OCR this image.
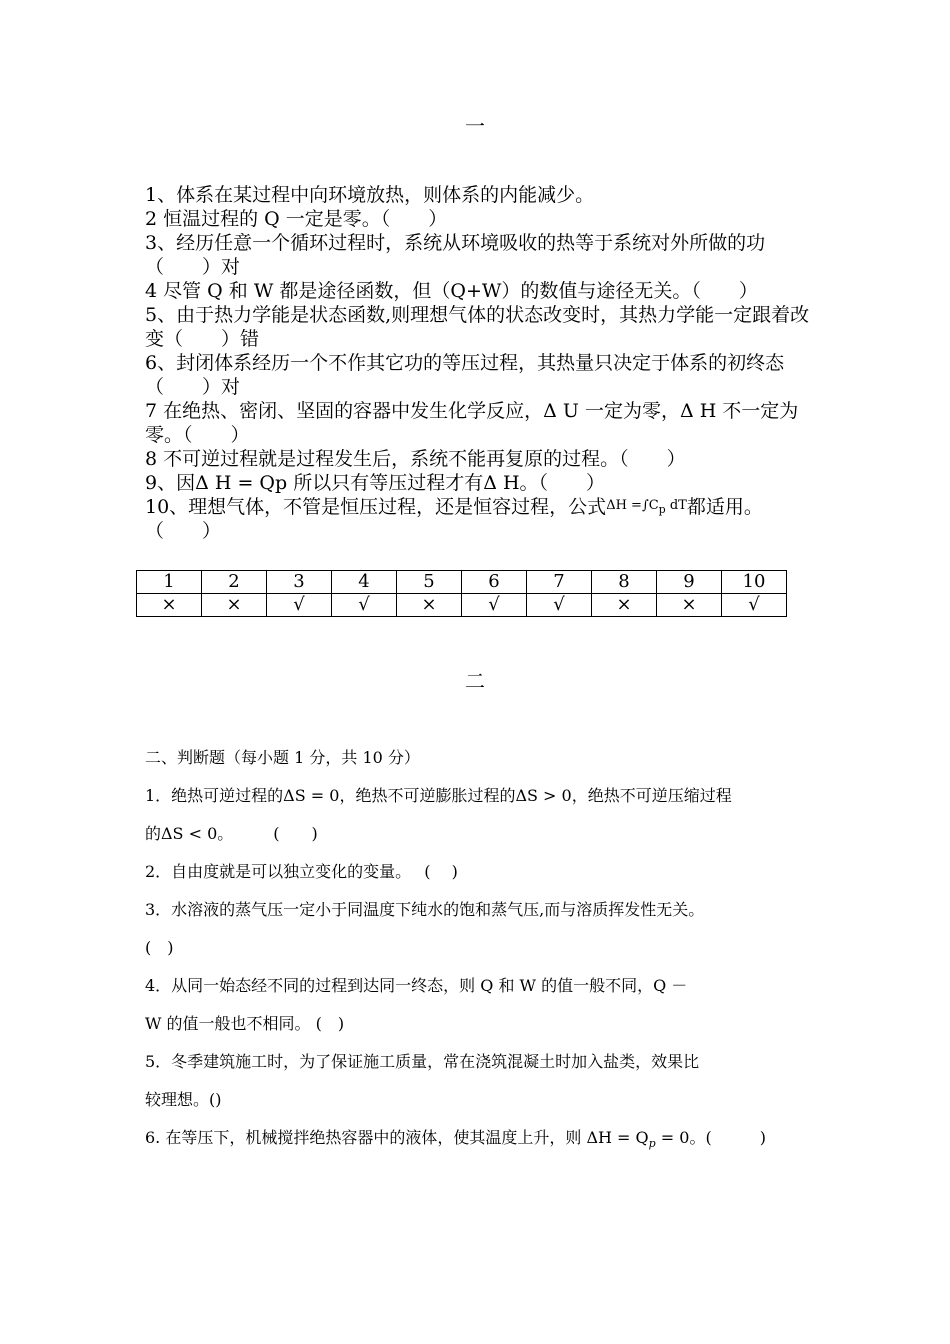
一

1、体系在某过程中向环境放热，则体系的内能减少。

2 恒温过程的 Q 一定是零。（　　）

3、经历任意一个循环过程时，系统从环境吸收的热等于系统对外所做的功（　　）对

4 尽管 Q 和 W 都是途径函数，但（Q+W）的数值与途径无关。（　　）

5、由于热力学能是状态函数,则理想气体的状态改变时，其热力学能一定跟着改变（　　）错

6、封闭体系经历一个不作其它功的等压过程，其热量只决定于体系的初终态（　　）对

7 在绝热、密闭、坚固的容器中发生化学反应，Δ U 一定为零，Δ H 不一定为零。（　　）

8 不可逆过程就是过程发生后，系统不能再复原的过程。（　　）

9、因Δ H = Qp 所以只有等压过程才有Δ H。（　　）

10、理想气体，不管是恒压过程，还是恒容过程，公式$\Delta H =\int C_p$ dT都适用。（　　）

1	2	3	4	5	6	7	8	9	10
×	×	√	√	×	√	√	×	×	√
二

二、判断题（每小题 1 分，共 10 分）

1．绝热可逆过程的ΔS = 0，绝热不可逆膨胀过程的ΔS > 0，绝热不可逆压缩过程

的ΔS < 0。　　　(　　)

2．自由度就是可以独立变化的变量。　 (　 )

3．水溶液的蒸气压一定小于同温度下纯水的饱和蒸气压,而与溶质挥发性无关。

(　)

4．从同一始态经不同的过程到达同一终态，则 Q 和 W 的值一般不同，Q －

W 的值一般也不相同。 (　)

5．冬季建筑施工时，为了保证施工质量，常在浇筑混凝土时加入盐类，效果比

较理想。()

6. 在等压下，机械搅拌绝热容器中的液体，使其温度上升，则 $\Delta H = Q_p = 0$。(　　　)
